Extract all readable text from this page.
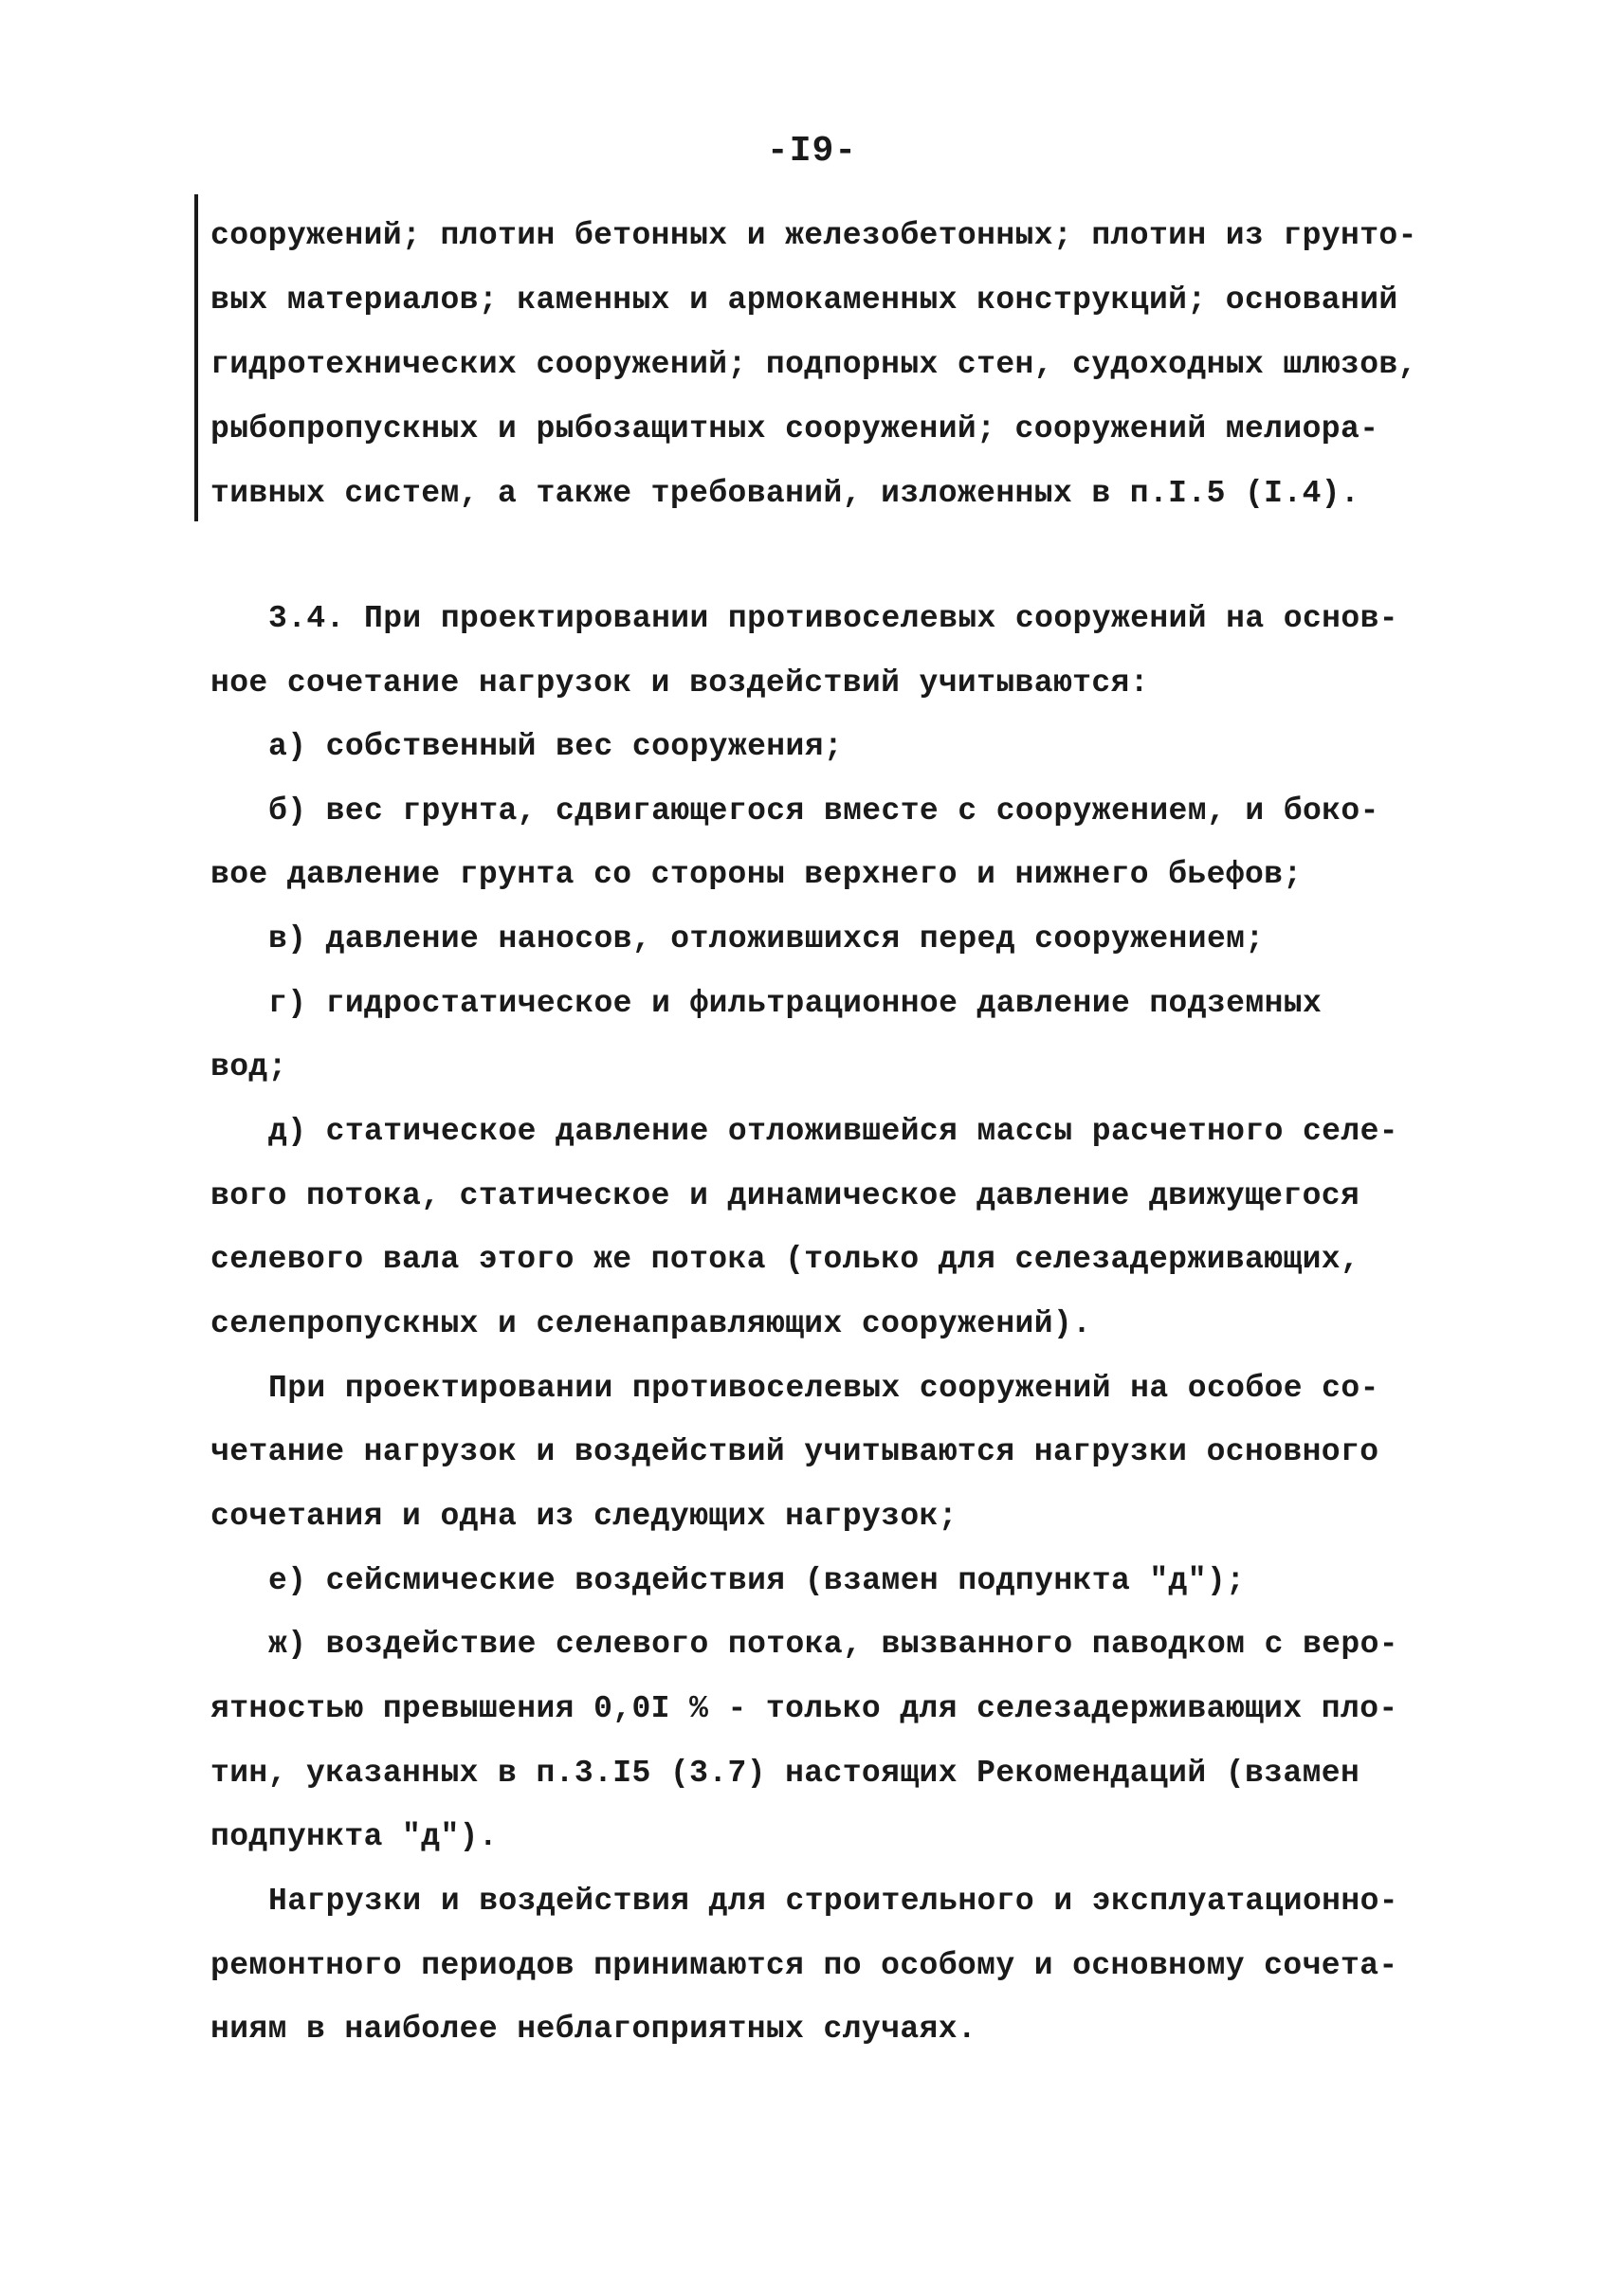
-I9-
сооружений; плотин бетонных и железобетонных; плотин из грунто-
вых материалов; каменных и армокаменных конструкций; оснований
гидротехнических сооружений; подпорных стен, судоходных шлюзов,
рыбопропускных и рыбозащитных сооружений; сооружений мелиора-
тивных систем, а также требований, изложенных в п.I.5 (I.4).
3.4. При проектировании противоселевых сооружений на основ-
ное сочетание нагрузок и воздействий учитываются:
а) собственный вес сооружения;
б) вес грунта, сдвигающегося вместе с сооружением, и боко-
вое давление грунта со стороны верхнего и нижнего бьефов;
в) давление наносов, отложившихся перед сооружением;
г) гидростатическое и фильтрационное давление подземных
вод;
д) статическое давление отложившейся массы расчетного селе-
вого потока, статическое и динамическое давление движущегося
селевого вала этого же потока (только для селезадерживающих,
селепропускных и селенаправляющих сооружений).
При проектировании противоселевых сооружений на особое со-
четание нагрузок и воздействий учитываются нагрузки основного
сочетания и одна из следующих нагрузок;
е) сейсмические воздействия (взамен подпункта "д");
ж) воздействие селевого потока, вызванного паводком с веро-
ятностью превышения 0,0I % - только для селезадерживающих пло-
тин, указанных в п.3.I5 (3.7) настоящих Рекомендаций (взамен
подпункта "д").
Нагрузки и воздействия для строительного и эксплуатационно-
ремонтного периодов принимаются по особому и основному сочета-
ниям в наиболее неблагоприятных случаях.
